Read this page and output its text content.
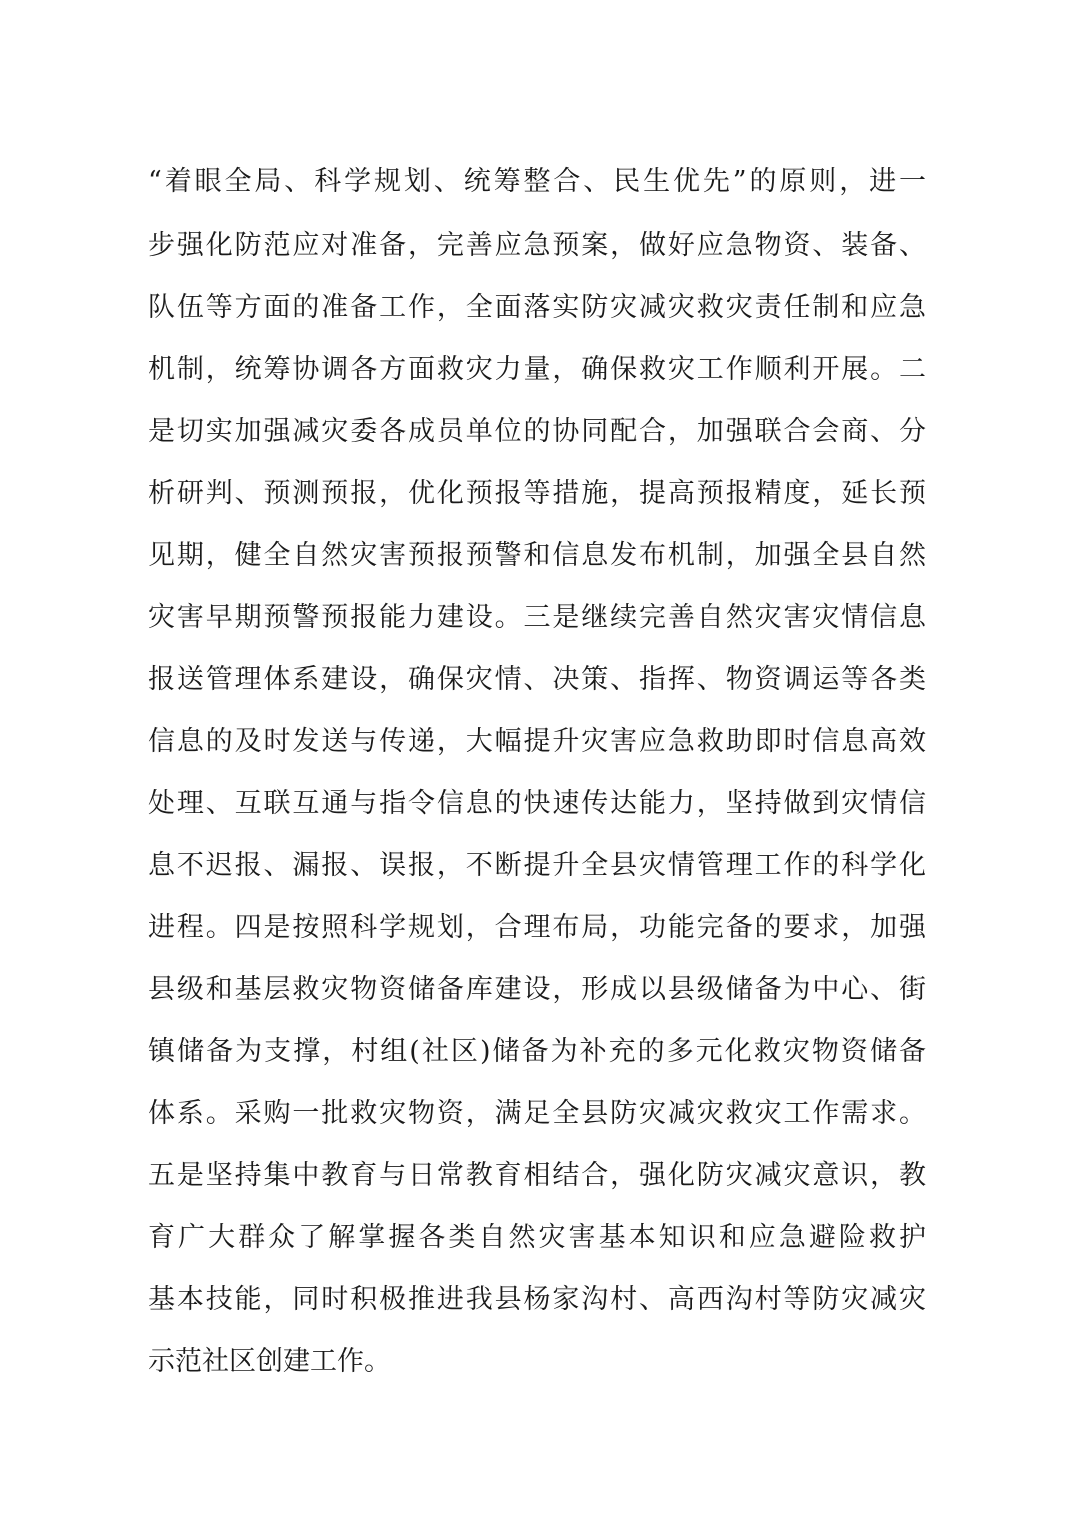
“着眼全局、科学规划、统筹整合、民生优先”的原则，进一
步强化防范应对准备，完善应急预案，做好应急物资、装备、
队伍等方面的准备工作，全面落实防灾减灾救灾责任制和应急
机制，统筹协调各方面救灾力量，确保救灾工作顺利开展。二
是切实加强减灾委各成员单位的协同配合，加强联合会商、分
析研判、预测预报，优化预报等措施，提高预报精度，延长预
见期，健全自然灾害预报预警和信息发布机制，加强全县自然
灾害早期预警预报能力建设。三是继续完善自然灾害灾情信息
报送管理体系建设，确保灾情、决策、指挥、物资调运等各类
信息的及时发送与传递，大幅提升灾害应急救助即时信息高效
处理、互联互通与指令信息的快速传达能力，坚持做到灾情信
息不迟报、漏报、误报，不断提升全县灾情管理工作的科学化
进程。四是按照科学规划，合理布局，功能完备的要求，加强
县级和基层救灾物资储备库建设，形成以县级储备为中心、街
镇储备为支撑，村组(社区)储备为补充的多元化救灾物资储备
体系。采购一批救灾物资，满足全县防灾减灾救灾工作需求。
五是坚持集中教育与日常教育相结合，强化防灾减灾意识，教
育广大群众了解掌握各类自然灾害基本知识和应急避险救护
基本技能，同时积极推进我县杨家沟村、高西沟村等防灾减灾
示范社区创建工作。
